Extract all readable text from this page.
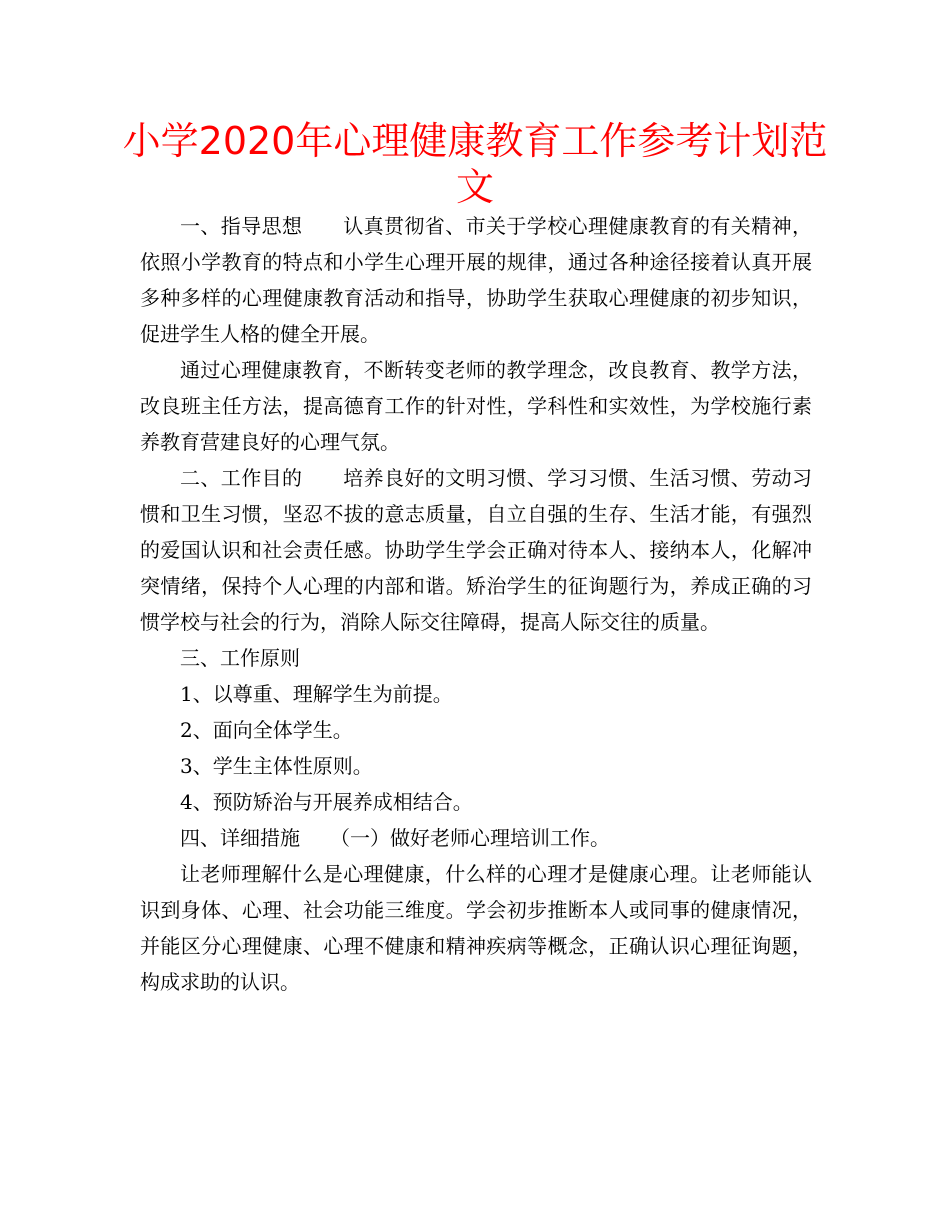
小学2020年心理健康教育工作参考计划范文

一、指导思想　　认真贯彻省、市关于学校心理健康教育的有关精神，依照小学教育的特点和小学生心理开展的规律，通过各种途径接着认真开展多种多样的心理健康教育活动和指导，协助学生获取心理健康的初步知识，促进学生人格的健全开展。

通过心理健康教育，不断转变老师的教学理念，改良教育、教学方法，改良班主任方法，提高德育工作的针对性，学科性和实效性，为学校施行素养教育营建良好的心理气氛。

二、工作目的　　培养良好的文明习惯、学习习惯、生活习惯、劳动习惯和卫生习惯，坚忍不拔的意志质量，自立自强的生存、生活才能，有强烈的爱国认识和社会责任感。协助学生学会正确对待本人、接纳本人，化解冲突情绪，保持个人心理的内部和谐。矫治学生的征询题行为，养成正确的习惯学校与社会的行为，消除人际交往障碍，提高人际交往的质量。

三、工作原则

1、以尊重、理解学生为前提。

2、面向全体学生。

3、学生主体性原则。

4、预防矫治与开展养成相结合。

四、详细措施　　（一）做好老师心理培训工作。

让老师理解什么是心理健康，什么样的心理才是健康心理。让老师能认识到身体、心理、社会功能三维度。学会初步推断本人或同事的健康情况，并能区分心理健康、心理不健康和精神疾病等概念，正确认识心理征询题，构成求助的认识。
